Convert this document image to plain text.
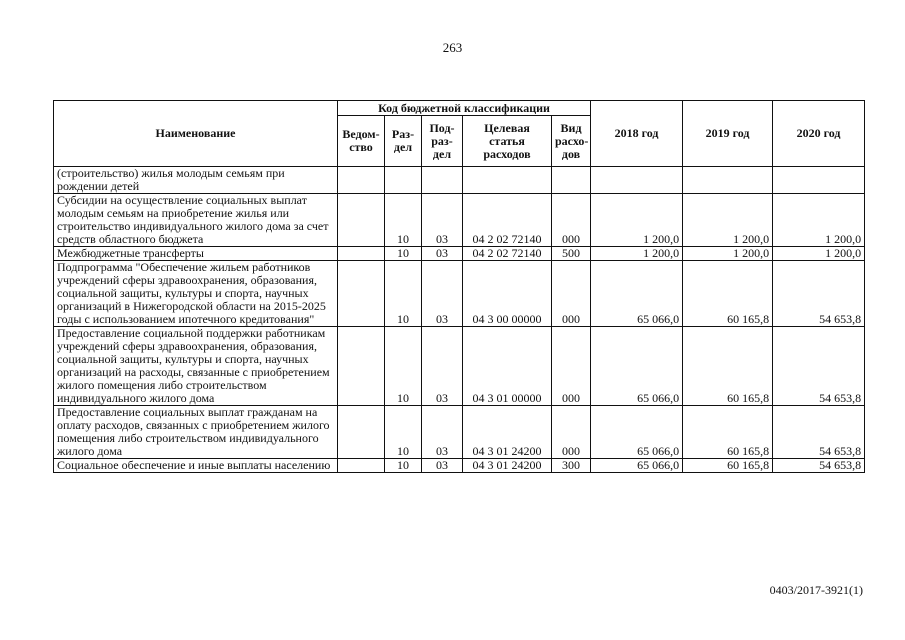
263
Наименование	Код бюджетной классификации					2018 год	2019 год	2020 год
	Ведом-ство	Раз-дел	Под-раз-дел	Целевая статья расходов	Вид расхо-дов			
(строительство) жилья молодым семьям при рождении детей								
Субсидии на осуществление социальных выплат молодым семьям на приобретение жилья или строительство индивидуального жилого дома за счет средств областного бюджета		10	03	04 2 02 72140	000	1 200,0	1 200,0	1 200,0
Межбюджетные трансферты		10	03	04 2 02 72140	500	1 200,0	1 200,0	1 200,0
Подпрограмма "Обеспечение жильем работников учреждений сферы здравоохранения, образования, социальной защиты, культуры и спорта, научных организаций в Нижегородской области на 2015-2025 годы с использованием ипотечного кредитования"		10	03	04 3 00 00000	000	65 066,0	60 165,8	54 653,8
Предоставление социальной поддержки работникам учреждений сферы здравоохранения, образования, социальной защиты, культуры и спорта, научных организаций на расходы, связанные с приобретением жилого помещения либо строительством индивидуального жилого дома		10	03	04 3 01 00000	000	65 066,0	60 165,8	54 653,8
Предоставление социальных выплат гражданам на оплату расходов, связанных с приобретением жилого помещения либо строительством индивидуального жилого дома		10	03	04 3 01 24200	000	65 066,0	60 165,8	54 653,8
Социальное обеспечение и иные выплаты населению		10	03	04 3 01 24200	300	65 066,0	60 165,8	54 653,8
0403/2017-3921(1)
